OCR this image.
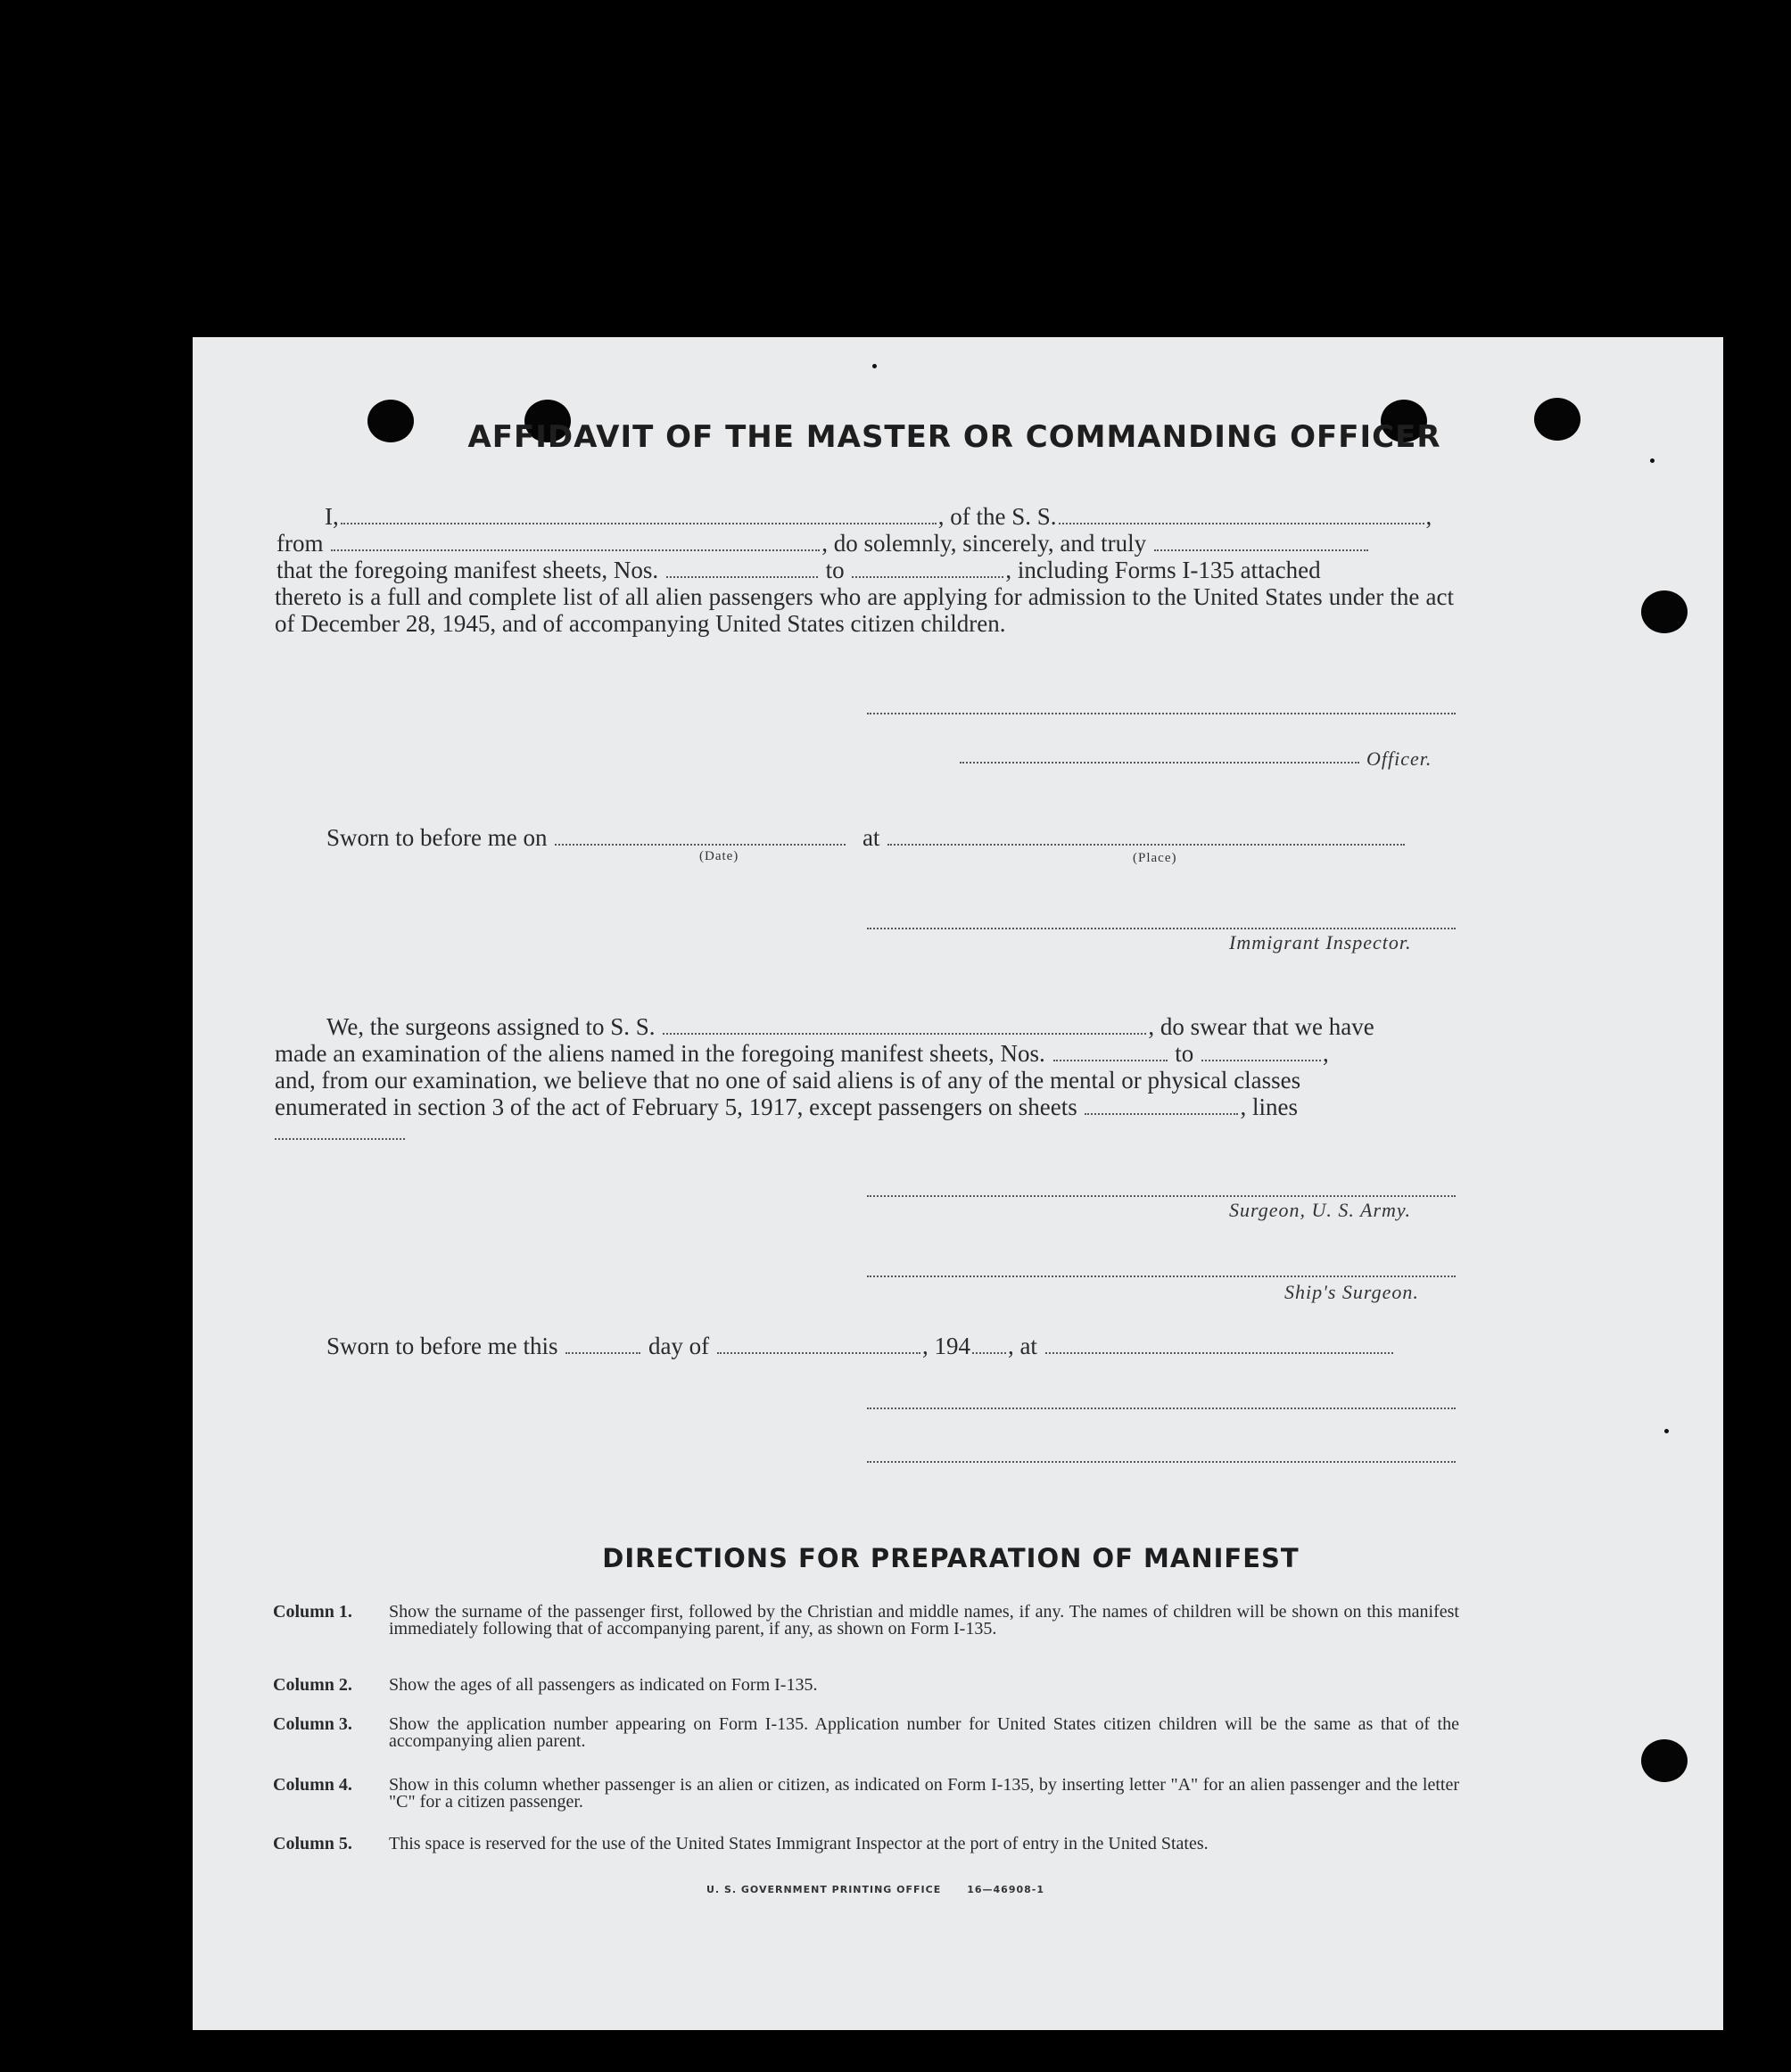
AFFIDAVIT OF THE MASTER OR COMMANDING OFFICER
I,	, of the S. S.	,
from	, do solemnly, sincerely, and truly
that the foregoing manifest sheets, Nos.	to	, including Forms I-135 attached
thereto is a full and complete list of all alien passengers who are applying for admission to the United States under the act of December 28, 1945, and of accompanying United States citizen children.
Officer.
Sworn to before me on	at
(Date)	(Place)
Immigrant Inspector.
We, the surgeons assigned to S. S.	, do swear that we have
made an examination of the aliens named in the foregoing manifest sheets, Nos.	to	,
and, from our examination, we believe that no one of said aliens is of any of the mental or physical classes
enumerated in section 3 of the act of February 5, 1917, except passengers on sheets	, lines
Surgeon, U. S. Army.
Ship's Surgeon.
Sworn to before me this	day of	, 194 , at
DIRECTIONS FOR PREPARATION OF MANIFEST
Column 1.	Show the surname of the passenger first, followed by the Christian and middle names, if any. The names of children will be shown on this manifest immediately following that of accompanying parent, if any, as shown on Form I-135.
Column 2.	Show the ages of all passengers as indicated on Form I-135.
Column 3.	Show the application number appearing on Form I-135. Application number for United States citizen children will be the same as that of the accompanying alien parent.
Column 4.	Show in this column whether passenger is an alien or citizen, as indicated on Form I-135, by inserting letter "A" for an alien passenger and the letter "C" for a citizen passenger.
Column 5.	This space is reserved for the use of the United States Immigrant Inspector at the port of entry in the United States.
U. S. GOVERNMENT PRINTING OFFICE	16—46908-1
